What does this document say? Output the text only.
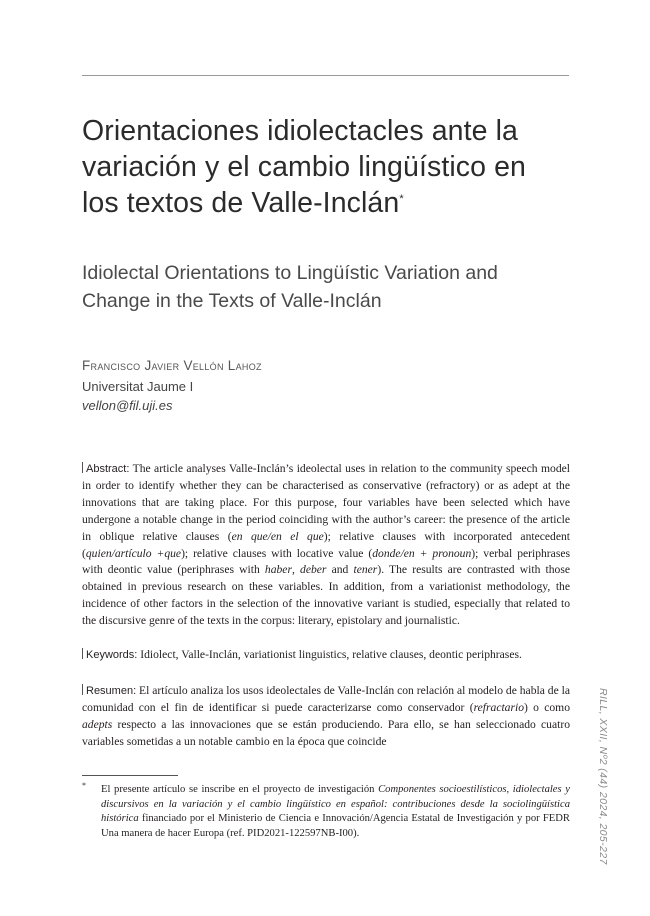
Orientaciones idiolectacles ante la variación y el cambio lingüístico en los textos de Valle-Inclán*
Idiolectal Orientations to Lingüístic Variation and Change in the Texts of Valle-Inclán
Francisco Javier Vellón Lahoz
Universitat Jaume I
vellon@fil.uji.es

Abstract: The article analyses Valle-Inclán’s ideolectal uses in relation to the community speech model in order to identify whether they can be characterised as conservative (refractory) or as adept at the innovations that are taking place. For this purpose, four variables have been selected which have undergone a notable change in the period coinciding with the author’s career: the presence of the article in oblique relative clauses (en que/en el que); relative clauses with incorporated antecedent (quien/artículo +que); relative clauses with locative value (donde/en + pronoun); verbal periphrases with deontic value (periphrases with haber, deber and tener). The results are contrasted with those obtained in previous research on these variables. In addition, from a variationist methodology, the incidence of other factors in the selection of the innovative variant is studied, especially that related to the discursive genre of the texts in the corpus: literary, epistolary and journalistic.

Keywords: Idiolect, Valle-Inclán, variationist linguistics, relative clauses, deontic periphrases.

Resumen: El artículo analiza los usos ideolectales de Valle-Inclán con relación al modelo de habla de la comunidad con el fin de identificar si puede caracterizarse como conservador (refractario) o como adepts respecto a las innovaciones que se están produciendo. Para ello, se han seleccionado cuatro variables sometidas a un notable cambio en la época que coincide

*	El presente artículo se inscribe en el proyecto de investigación Componentes socioestilísticos, idiolectales y discursivos en la variación y el cambio lingüístico en español: contribuciones desde la sociolingüística histórica financiado por el Ministerio de Ciencia e Innovación/Agencia Estatal de Investigación y por FEDR Una manera de hacer Europa (ref. PID2021-122597NB-I00).	RILL, XXII, Nº2 (44) 2024, 205-227
